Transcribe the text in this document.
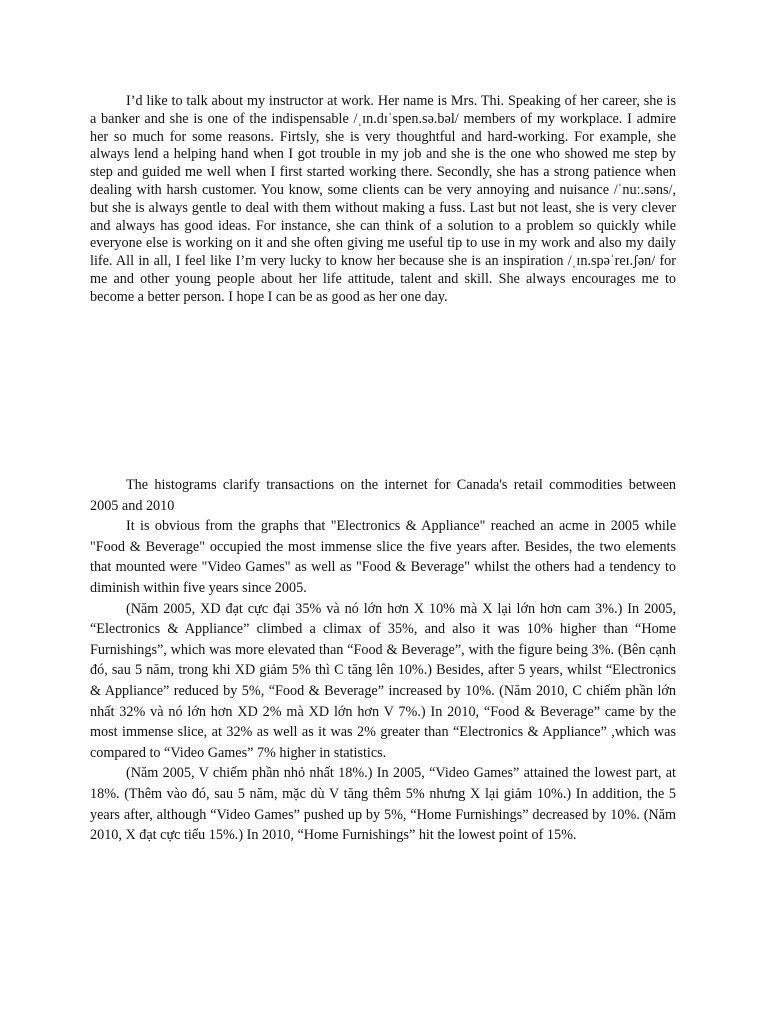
I’d like to talk about my instructor at work. Her name is Mrs. Thi. Speaking of her career, she is a banker and she is one of the indispensable /ˌɪn.dɪˈspen.sə.bəl/ members of my workplace. I admire her so much for some reasons. Firtsly, she is very thoughtful and hard-working. For example, she always lend a helping hand when I got trouble in my job and she is the one who showed me step by step and guided me well when I first started working there. Secondly, she has a strong patience when dealing with harsh customer. You know, some clients can be very annoying and nuisance /ˈnuː.səns/, but she is always gentle to deal with them without making a fuss. Last but not least, she is very clever and always has good ideas. For instance, she can think of a solution to a problem so quickly while everyone else is working on it and she often giving me useful tip to use in my work and also my daily life. All in all, I feel like I’m very lucky to know her because she is an inspiration /ˌɪn.spəˈreɪ.ʃən/ for me and other young people about her life attitude, talent and skill. She always encourages me to become a better person. I hope I can be as good as her one day.

The histograms clarify transactions on the internet for Canada's retail commodities between 2005 and 2010

It is obvious from the graphs that "Electronics & Appliance" reached an acme in 2005 while "Food & Beverage" occupied the most immense slice the five years after. Besides, the two elements that mounted were "Video Games" as well as "Food & Beverage" whilst the others had a tendency to diminish within five years since 2005.

(Năm 2005, XD đạt cực đại 35% và nó lớn hơn X 10% mà X lại lớn hơn cam 3%.) In 2005, “Electronics & Appliance” climbed a climax of 35%, and also it was 10% higher than “Home Furnishings”, which was more elevated than “Food & Beverage”, with the figure being 3%. (Bên cạnh đó, sau 5 năm, trong khi XD giảm 5% thì C tăng lên 10%.) Besides, after 5 years, whilst “Electronics & Appliance” reduced by 5%, “Food & Beverage” increased by 10%. (Năm 2010, C chiếm phần lớn nhất 32% và nó lớn hơn XD 2% mà XD lớn hơn V 7%.) In 2010, “Food & Beverage” came by the most immense slice, at 32% as well as it was 2% greater than “Electronics & Appliance” ,which was compared to “Video Games” 7% higher in statistics.

(Năm 2005, V chiếm phần nhỏ nhất 18%.) In 2005, “Video Games” attained the lowest part, at 18%. (Thêm vào đó, sau 5 năm, mặc dù V tăng thêm 5% nhưng X lại giảm 10%.) In addition, the 5 years after, although “Video Games” pushed up by 5%, “Home Furnishings” decreased by 10%. (Năm 2010, X đạt cực tiểu 15%.) In 2010, “Home Furnishings” hit the lowest point of 15%.
